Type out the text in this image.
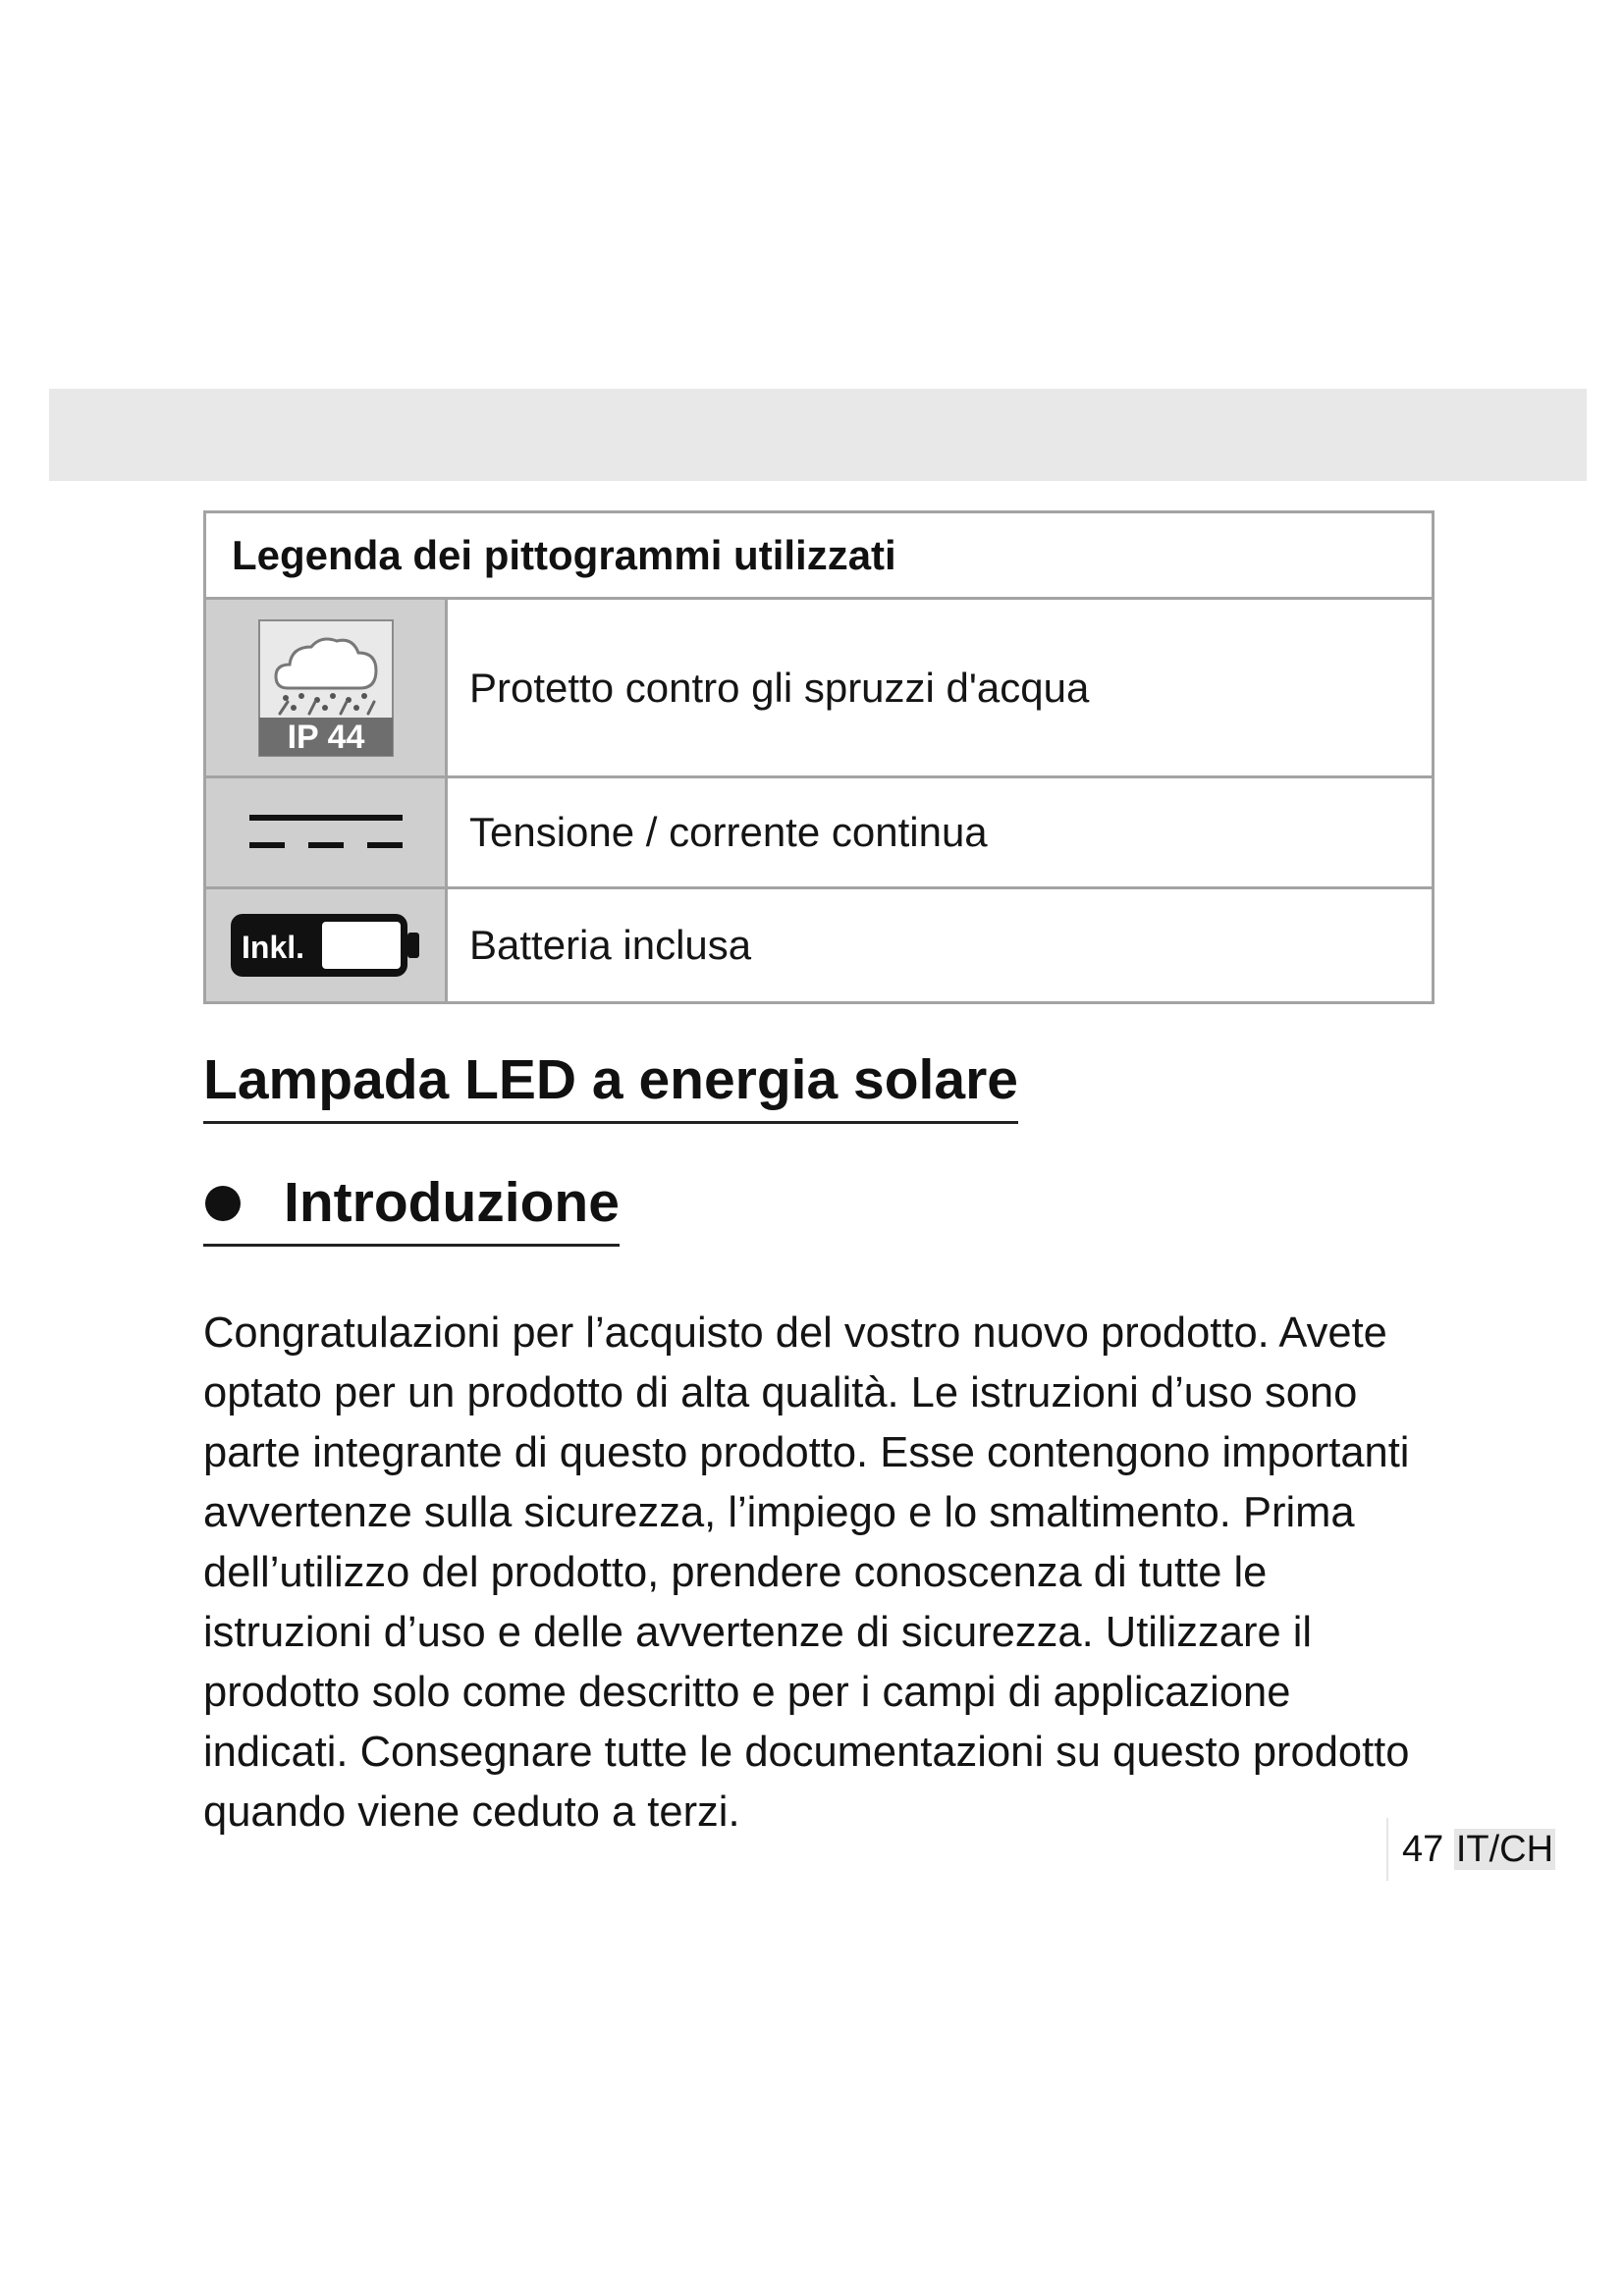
Legenda dei pittogrammi utilizzati
IP 44
Protetto contro gli spruzzi d'acqua
Tensione / corrente continua
Inkl.	Batteria inclusa
Lampada LED a energia solare
Introduzione

Congratulazioni per l’acquisto del vostro nuovo prodotto. Avete optato per un prodotto di alta qualità. Le istruzioni d’uso sono parte integrante di questo prodotto. Esse contengono importanti avvertenze sulla sicurezza, l’impiego e lo smaltimento. Prima dell’utilizzo del prodotto, prendere conoscenza di tutte le istruzioni d’uso e delle avvertenze di sicurezza. Utilizzare il prodotto solo come descritto e per i campi di applicazione indicati. Consegnare tutte le documentazioni su questo prodotto quando viene ceduto a terzi.

47 IT/CH
